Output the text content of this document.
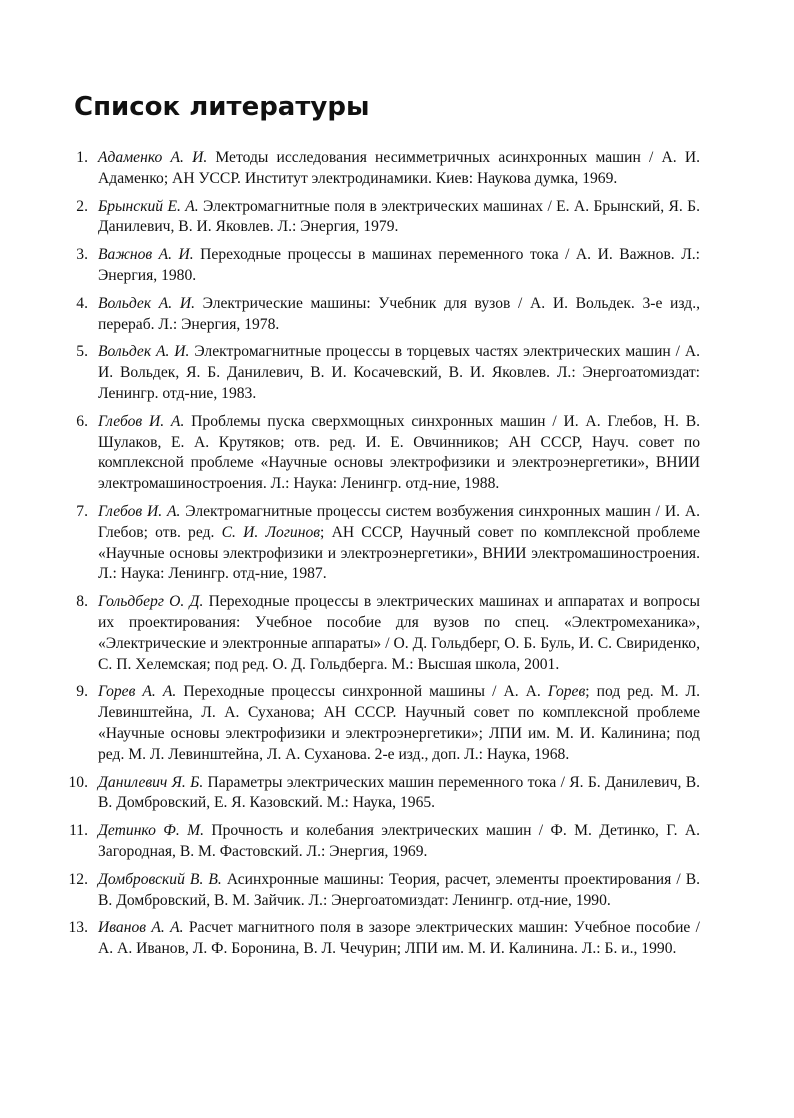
Список литературы
1. Адаменко А. И. Методы исследования несимметричных асинхронных машин / А. И. Адаменко; АН УССР. Институт электродинамики. Киев: Наукова думка, 1969.
2. Брынский Е. А. Электромагнитные поля в электрических машинах / Е. А. Брынский, Я. Б. Данилевич, В. И. Яковлев. Л.: Энергия, 1979.
3. Важнов А. И. Переходные процессы в машинах переменного тока / А. И. Важнов. Л.: Энергия, 1980.
4. Вольдек А. И. Электрические машины: Учебник для вузов / А. И. Вольдек. 3-е изд., перераб. Л.: Энергия, 1978.
5. Вольдек А. И. Электромагнитные процессы в торцевых частях электрических машин / А. И. Вольдек, Я. Б. Данилевич, В. И. Косачевский, В. И. Яковлев. Л.: Энергоатомиздат: Ленингр. отд-ние, 1983.
6. Глебов И. А. Проблемы пуска сверхмощных синхронных машин / И. А. Глебов, Н. В. Шулаков, Е. А. Крутяков; отв. ред. И. Е. Овчинников; АН СССР, Науч. совет по комплексной проблеме «Научные основы электрофизики и электроэнергетики», ВНИИ электромашиностроения. Л.: Наука: Ленингр. отд-ние, 1988.
7. Глебов И. А. Электромагнитные процессы систем возбужения синхронных машин / И. А. Глебов; отв. ред. С. И. Логинов; АН СССР, Научный совет по комплексной проблеме «Научные основы электрофизики и электроэнергетики», ВНИИ электромашиностроения. Л.: Наука: Ленингр. отд-ние, 1987.
8. Гольдберг О. Д. Переходные процессы в электрических машинах и аппаратах и вопросы их проектирования: Учебное пособие для вузов по спец. «Электромеханика», «Электрические и электронные аппараты» / О. Д. Гольдберг, О. Б. Буль, И. С. Свириденко, С. П. Хелемская; под ред. О. Д. Гольдберга. М.: Высшая школа, 2001.
9. Горев А. А. Переходные процессы синхронной машины / А. А. Горев; под ред. М. Л. Левинштейна, Л. А. Суханова; АН СССР. Научный совет по комплексной проблеме «Научные основы электрофизики и электроэнергетики»; ЛПИ им. М. И. Калинина; под ред. М. Л. Левинштейна, Л. А. Суханова. 2-е изд., доп. Л.: Наука, 1968.
10. Данилевич Я. Б. Параметры электрических машин переменного тока / Я. Б. Данилевич, В. В. Домбровский, Е. Я. Казовский. М.: Наука, 1965.
11. Детинко Ф. М. Прочность и колебания электрических машин / Ф. М. Детинко, Г. А. Загородная, В. М. Фастовский. Л.: Энергия, 1969.
12. Домбровский В. В. Асинхронные машины: Теория, расчет, элементы проектирования / В. В. Домбровский, В. М. Зайчик. Л.: Энергоатомиздат: Ленингр. отд-ние, 1990.
13. Иванов А. А. Расчет магнитного поля в зазоре электрических машин: Учебное пособие / А. А. Иванов, Л. Ф. Боронина, В. Л. Чечурин; ЛПИ им. М. И. Калинина. Л.: Б. и., 1990.
